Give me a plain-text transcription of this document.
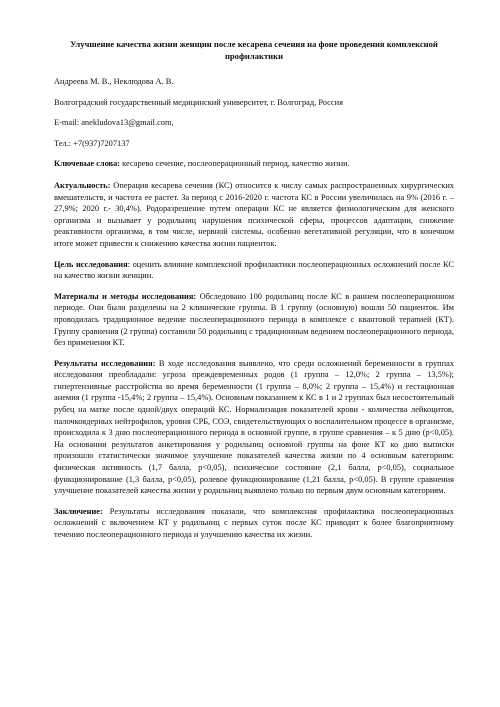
Улучшение качества жизни женщин после кесарева сечения на фоне проведения комплексной профилактики
Андреева М. В., Неклюдова А. В.
Волгоградский государственный медицинский университет, г. Волгоград, Россия
E-mail: aneklud​ova13@gmail.com,
Тел.: +7(937)7207137
Ключевые слова: кесарево сечение, послеоперационный период, качество жизни.
Актуальность: Операция кесарева сечения (КС) относится к числу самых распространенных хирургических вмешательств, и частота ее растет. За период с 2016-2020 г. частота КС в России увеличилась на 9% (2016 г. – 27,9%; 2020 г.- 30,4%). Родоразрешение путем операции КС не является физиологическим для женского организма и вызывает у родильниц нарушения психической сферы, процессов адаптации, снижение реактивности организма, в том числе, нервной системы, особенно вегетативной регуляции, что в конечном итоге может привести к снижению качества жизни пациенток.
Цель исследования: оценить влияние комплексной профилактики послеоперационных осложнений после КС на качество жизни женщин.
Материалы и методы исследования: Обследовано 100 родильниц после КС в раннем послеоперационном периоде. Они были разделены на 2 клинические группы. В 1 группу (основную) вошли 50 пациенток. Им проводилась традиционное ведение послеоперационного периода в комплексе с квантовой терапией (КТ). Группу сравнения (2 группа) составили 50 родильниц с традиционным ведением послеоперационного периода, без применения КТ.
Результаты исследования: В ходе исследования выявлено, что среди осложнений беременности в группах исследования преобладали: угроза преждевременных родов (1 группа – 12,0%; 2 группа – 13,5%); гипертензивные расстройства во время беременности (1 группа – 8,0%; 2 группа – 15,4%) и гестационная анемия (1 группа -15,4%; 2 группа – 15,4%). Основным показанием к КС в 1 и 2 группах был несостоятельный рубец на матке после одной/двух операций КС. Нормализация показателей крови - количества лейкоцитов, палочкоядерных нейтрофилов, уровня СРБ, СОЭ, свидетельствующих о воспалительном процессе в организме, происходила к 3 дню послеоперационного периода в основной группе, в группе сравнения – к 5 дню (р<0,05). На основании результатов анкетирования у родильниц основной группы на фоне КТ ко дню выписки произошло статистически значимое улучшение показателей качества жизни по 4 основным категориям: физическая активность (1,7 балла, р<0,05), психическое состояние (2,1 балла, р<0,05), социальное функционирование (1,3 балла, р<0,05), ролевое функционирование (1,21 балла, р<0,05). В группе сравнения улучшение показателей качества жизни у родильниц выявлено только по первым двум основным категориям.
Заключение: Результаты исследования показали, что комплексная профилактика послеоперационных осложнений с включением КТ у родильниц с первых суток после КС приводит к более благоприятному течению послеоперационного периода и улучшению качества их жизни.
